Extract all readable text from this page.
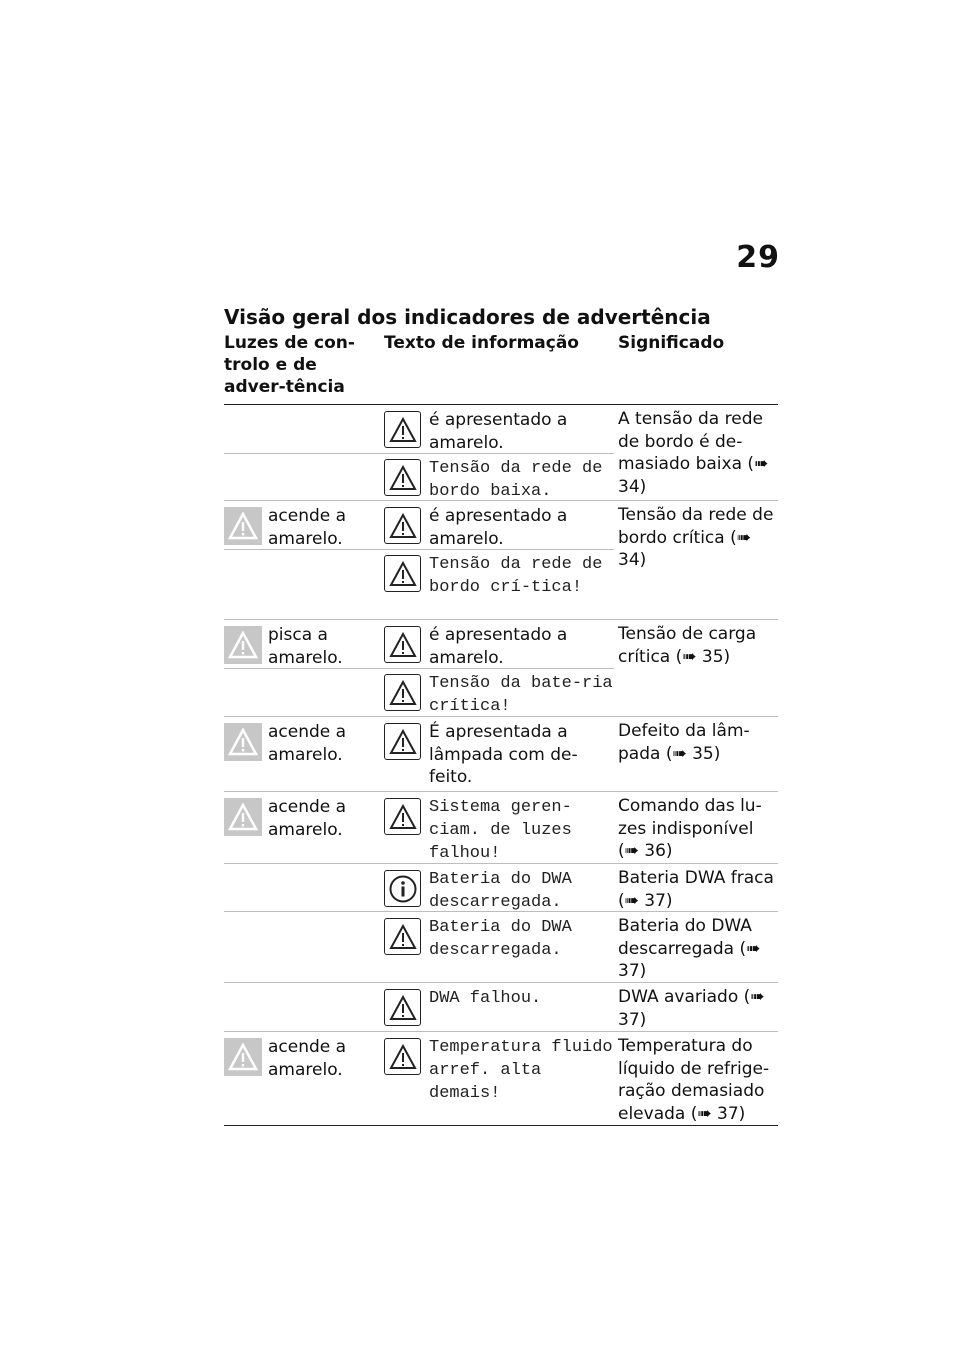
29
Visão geral dos indicadores de advertência
Luzes de con-trolo e de adver-tência
Texto de informação	Significado
é apresentado a amarelo.
A tensão da rede de bordo é de-masiado baixa (➠ 34)
Tensão da rede de bordo baixa.
acende a amarelo.
é apresentado a amarelo.
Tensão da rede de bordo crítica (➠ 34)
Tensão da rede de bordo crí-tica!
pisca a amarelo.
é apresentado a amarelo.
Tensão de carga crítica (➠ 35)
Tensão da bate-ria crítica!
acende a amarelo.
É apresentada a lâmpada com de-feito.
Defeito da lâm-pada (➠ 35)
acende a amarelo.
Sistema geren-ciam. de luzes falhou!
Comando das lu-zes indisponível (➠ 36)
Bateria do DWA descarregada.
Bateria DWA fraca (➠ 37)
Bateria do DWA descarregada.
Bateria do DWA descarregada (➠ 37)
DWA falhou.	DWA avariado (➠ 37)
acende a amarelo.
Temperatura fluido arref. alta demais!
Temperatura do líquido de refrige-ração demasiado elevada (➠ 37)
